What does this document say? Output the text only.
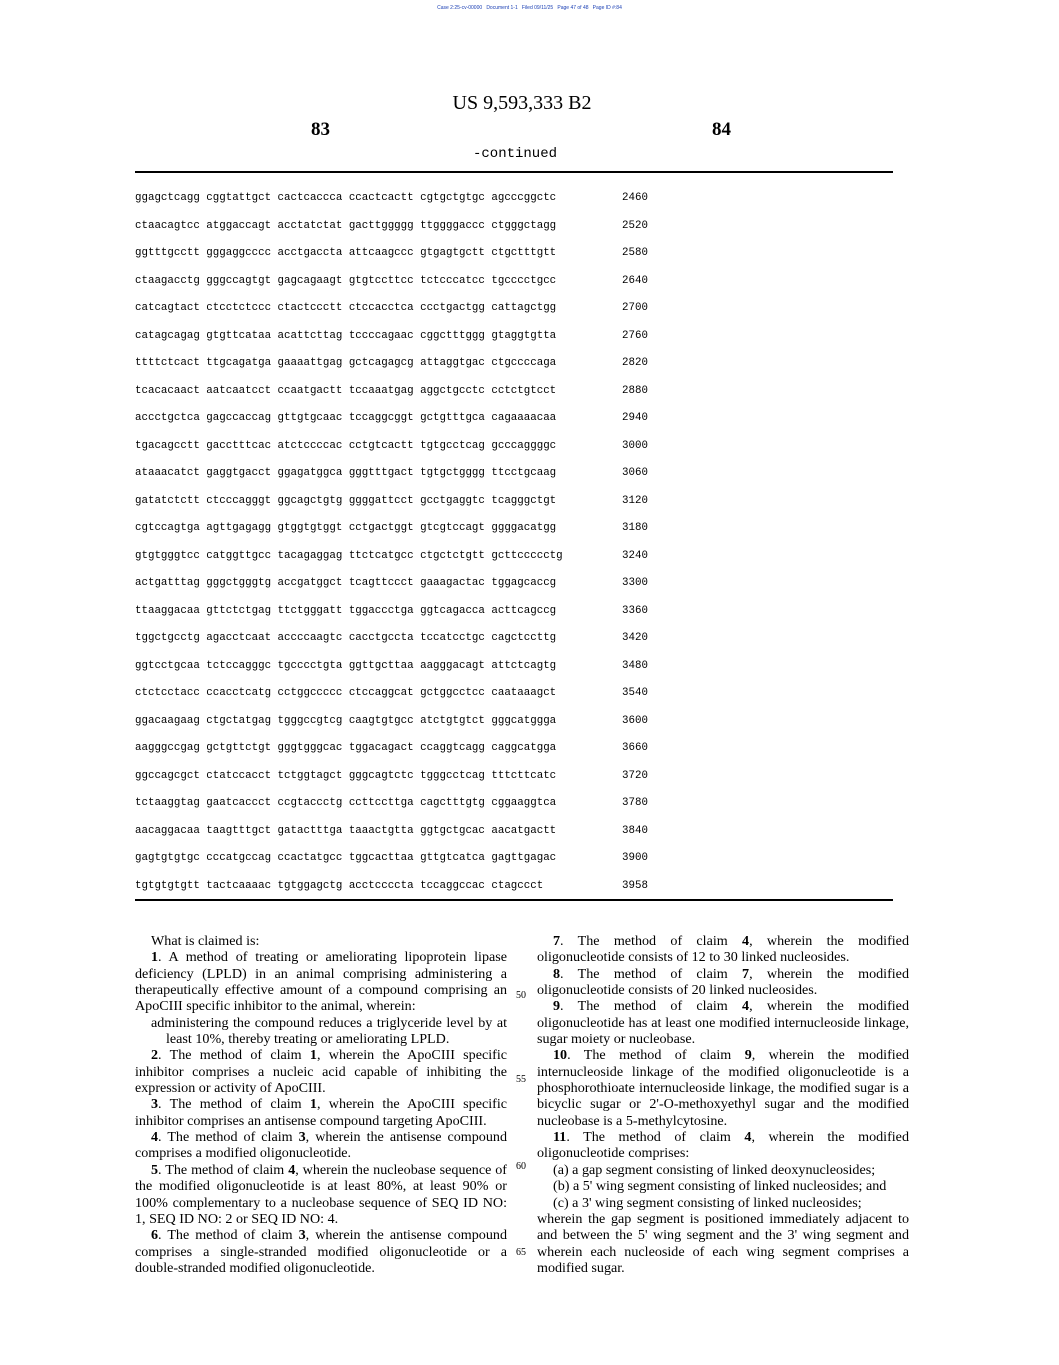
Case 2:25-cv-00000   Document 1-1   Filed 09/11/25   Page 47 of 48   Page ID #:84
US 9,593,333 B2
83	84
-continued
ggagctcagg cggtattgct cactcaccca ccactcactt cgtgctgtgc agcccggctc	2460
ctaacagtcc atggaccagt acctatctat gacttggggg ttggggaccc ctgggctagg	2520
ggtttgcctt gggaggcccc acctgaccta attcaagccc gtgagtgctt ctgctttgtt	2580
ctaagacctg gggccagtgt gagcagaagt gtgtccttcc tctcccatcc tgcccctgcc	2640
catcagtact ctcctctccc ctactccctt ctccacctca ccctgactgg cattagctgg	2700
catagcagag gtgttcataa acattcttag tccccagaac cggctttggg gtaggtgtta	2760
ttttctcact ttgcagatga gaaaattgag gctcagagcg attaggtgac ctgccccaga	2820
tcacacaact aatcaatcct ccaatgactt tccaaatgag aggctgcctc cctctgtcct	2880
accctgctca gagccaccag gttgtgcaac tccaggcggt gctgtttgca cagaaaacaa	2940
tgacagcctt gacctttcac atctccccac cctgtcactt tgtgcctcag gcccaggggc	3000
ataaacatct gaggtgacct ggagatggca gggtttgact tgtgctgggg ttcctgcaag	3060
gatatctctt ctcccagggt ggcagctgtg ggggattcct gcctgaggtc tcagggctgt	3120
cgtccagtga agttgagagg gtggtgtggt cctgactggt gtcgtccagt ggggacatgg	3180
gtgtgggtcc catggttgcc tacagaggag ttctcatgcc ctgctctgtt gcttccccctg	3240
actgatttag gggctgggtg accgatggct tcagttccct gaaagactac tggagcaccg	3300
ttaaggacaa gttctctgag ttctgggatt tggaccctga ggtcagacca acttcagccg	3360
tggctgcctg agacctcaat accccaagtc cacctgccta tccatcctgc cagctccttg	3420
ggtcctgcaa tctccagggc tgcccctgta ggttgcttaa aagggacagt attctcagtg	3480
ctctcctacc ccacctcatg cctggccccc ctccaggcat gctggcctcc caataaagct	3540
ggacaagaag ctgctatgag tgggccgtcg caagtgtgcc atctgtgtct gggcatggga	3600
aagggccgag gctgttctgt gggtgggcac tggacagact ccaggtcagg caggcatgga	3660
ggccagcgct ctatccacct tctggtagct gggcagtctc tgggcctcag tttcttcatc	3720
tctaaggtag gaatcaccct ccgtaccctg ccttccttga cagctttgtg cggaaggtca	3780
aacaggacaa taagtttgct gatactttga taaactgtta ggtgctgcac aacatgactt	3840
gagtgtgtgc cccatgccag ccactatgcc tggcacttaa gttgtcatca gagttgagac	3900
tgtgtgtgtt tactcaaaac tgtggagctg acctccccta tccaggccac ctagccct	3958

What is claimed is:

1. A method of treating or ameliorating lipoprotein lipase deficiency (LPLD) in an animal comprising administering a therapeutically effective amount of a compound comprising an ApoCIII specific inhibitor to the animal, wherein:

administering the compound reduces a triglyceride level by at least 10%, thereby treating or ameliorating LPLD.

2. The method of claim 1, wherein the ApoCIII specific inhibitor comprises a nucleic acid capable of inhibiting the expression or activity of ApoCIII.

3. The method of claim 1, wherein the ApoCIII specific inhibitor comprises an antisense compound targeting ApoCIII.

4. The method of claim 3, wherein the antisense compound comprises a modified oligonucleotide.

5. The method of claim 4, wherein the nucleobase sequence of the modified oligonucleotide is at least 80%, at least 90% or 100% complementary to a nucleobase sequence of SEQ ID NO: 1, SEQ ID NO: 2 or SEQ ID NO: 4.

6. The method of claim 3, wherein the antisense compound comprises a single-stranded modified oligonucleotide or a double-stranded modified oligonucleotide.

50
55
60
65

7. The method of claim 4, wherein the modified oligonucleotide consists of 12 to 30 linked nucleosides.

8. The method of claim 7, wherein the modified oligonucleotide consists of 20 linked nucleosides.

9. The method of claim 4, wherein the modified oligonucleotide has at least one modified internucleoside linkage, sugar moiety or nucleobase.

10. The method of claim 9, wherein the modified internucleoside linkage of the modified oligonucleotide is a phosphorothioate internucleoside linkage, the modified sugar is a bicyclic sugar or 2'-O-methoxyethyl sugar and the modified nucleobase is a 5-methylcytosine.

11. The method of claim 4, wherein the modified oligonucleotide comprises:

(a) a gap segment consisting of linked deoxynucleosides;

(b) a 5' wing segment consisting of linked nucleosides; and

(c) a 3' wing segment consisting of linked nucleosides;

wherein the gap segment is positioned immediately adjacent to and between the 5' wing segment and the 3' wing segment and wherein each nucleoside of each wing segment comprises a modified sugar.
